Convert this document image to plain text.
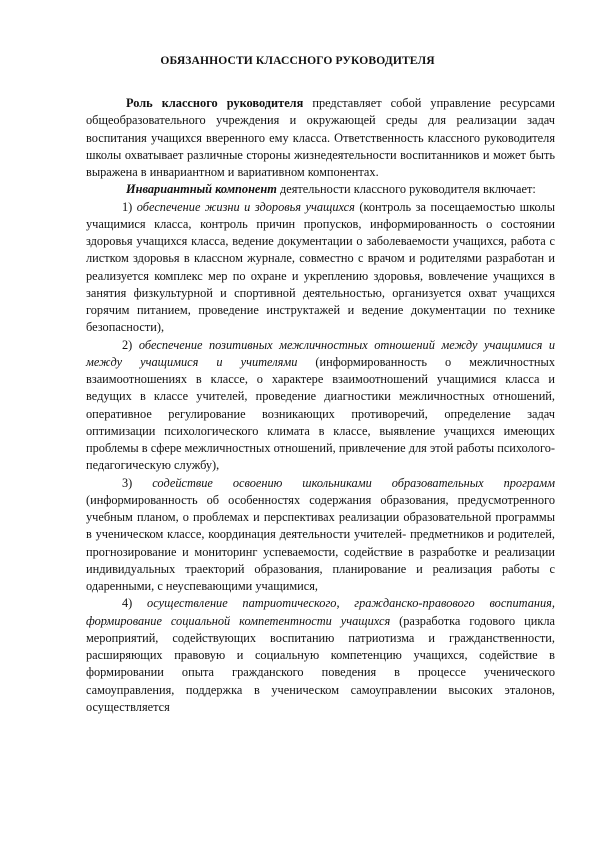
ОБЯЗАННОСТИ КЛАССНОГО РУКОВОДИТЕЛЯ

Роль классного руководителя представляет собой управление ресурсами общеобразовательного учреждения и окружающей среды для реализации задач воспитания учащихся вверенного ему класса. Ответственность классного руководителя школы охватывает различные стороны жизнедеятельности воспитанников и может быть выражена в инвариантном и вариативном компонентах.

Инвариантный компонент деятельности классного руководителя включает:

1) обеспечение жизни и здоровья учащихся (контроль за посещаемостью школы учащимися класса, контроль причин пропусков, информированность о состоянии здоровья учащихся класса, ведение документации о заболеваемости учащихся, работа с листком здоровья в классном журнале, совместно с врачом и родителями разработан и реализуется комплекс мер по охране и укреплению здоровья, вовлечение учащихся в занятия физкультурной и спортивной деятельностью, организуется охват учащихся горячим питанием, проведение инструктажей и ведение документации по технике безопасности),

2) обеспечение позитивных межличностных отношений между учащимися и между учащимися и учителями (информированность о межличностных взаимоотношениях в классе, о характере взаимоотношений учащимися класса и ведущих в классе учителей, проведение диагностики межличностных отношений, оперативное регулирование возникающих противоречий, определение задач оптимизации психологического климата в классе, выявление учащихся имеющих проблемы в сфере межличностных отношений, привлечение для этой работы психолого-педагогическую службу),

3) содействие освоению школьниками образовательных программ (информированность об особенностях содержания образования, предусмотренного учебным планом, о проблемах и перспективах реализации образовательной программы в ученическом классе, координация деятельности учителей- предметников и родителей, прогнозирование и мониторинг успеваемости, содействие в разработке и реализации индивидуальных траекторий образования, планирование и реализация работы с одаренными, с неуспевающими учащимися,

4) осуществление патриотического, гражданско-правового воспитания, формирование социальной компетентности учащихся (разработка годового цикла мероприятий, содействующих воспитанию патриотизма и гражданственности, расширяющих правовую и социальную компетенцию учащихся, содействие в формировании опыта гражданского поведения в процессе ученического самоуправления, поддержка в ученическом самоуправлении высоких эталонов, осуществляется
